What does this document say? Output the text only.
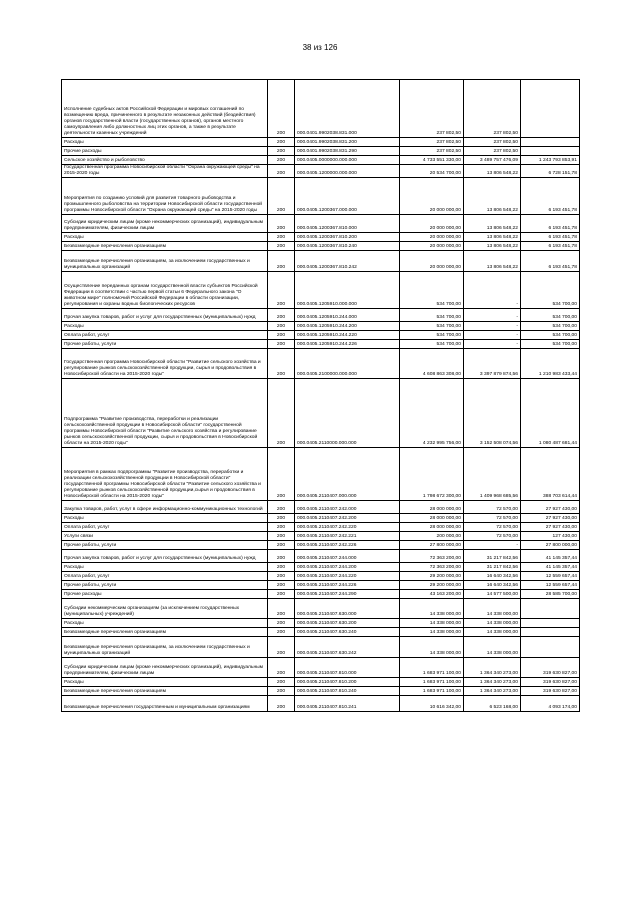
38 из 126
Исполнение судебных актов Российской Федерации и мировых соглашений по возмещению вреда, причиненного в результате незаконных действий (бездействия) органов государственной власти (государственных органов), органов местного самоуправления либо должностных лиц этих органов, а также в результате деятельности казенных учреждений	200	000.0401.9902038.831.000	237 802,50	237 802,50	
Расходы	200	000.0401.9902038.831.200	237 802,50	237 802,50	
Прочие расходы	200	000.0401.9902038.831.290	237 802,50	237 802,50	
Сельское хозяйство и рыболовство	200	000.0405.0000000.000.000	4 733 551 330,00	3 489 757 476,09	1 243 793 853,91
Государственная программа Новосибирской области "Охрана окружающей среды" на 2015-2020 годы	200	000.0405.1200000.000.000	20 534 700,00	13 806 548,22	6 728 151,78
Мероприятия по созданию условий для развития товарного рыбоводства и промышленного рыболовства на территории Новосибирской области государственной программы Новосибирской области "Охрана окружающей среды" на 2015-2020 годы	200	000.0405.1200367.000.000	20 000 000,00	13 806 548,22	6 193 451,78
Субсидии юридическим лицам (кроме некоммерческих организаций), индивидуальным предпринимателям, физическим лицам	200	000.0405.1200367.810.000	20 000 000,00	13 806 548,22	6 193 451,78
Расходы	200	000.0405.1200367.810.200	20 000 000,00	13 806 548,22	6 193 451,78
Безвозмездные перечисления организациям	200	000.0405.1200367.810.240	20 000 000,00	13 806 548,22	6 193 451,78
Безвозмездные перечисления организациям, за исключением государственных и муниципальных организаций	200	000.0405.1200367.810.242	20 000 000,00	13 806 548,22	6 193 451,78
Осуществление переданных органам государственной власти субъектов Российской Федерации в соответствии с частью первой статьи 6 Федерального закона "О животном мире" полномочий Российской Федерации в области организации, регулирования и охраны водных биологических ресурсов	200	000.0405.1205910.000.000	534 700,00	-	534 700,00
Прочая закупка товаров, работ и услуг для государственных (муниципальных) нужд	200	000.0405.1205910.244.000	534 700,00	-	534 700,00
Расходы	200	000.0405.1205910.244.200	534 700,00	-	534 700,00
Оплата работ, услуг	200	000.0405.1205910.244.220	534 700,00	-	534 700,00
Прочие работы, услуги	200	000.0405.1205910.244.226	534 700,00	-	534 700,00
Государственная программа Новосибирской области "Развитие сельского хозяйства и регулирование рынков сельскохозяйственной продукции, сырья и продовольствия в Новосибирской области на 2015-2020 годы"	200	000.0405.2100000.000.000	4 608 863 308,00	3 397 879 874,56	1 210 983 433,44
Подпрограмма "Развитие производства, переработки и реализации сельскохозяйственной продукции в Новосибирской области" государственной программы Новосибирской области "Развитие сельского хозяйства и регулирование рынков сельскохозяйственной продукции, сырья и продовольствия в Новосибирской области на 2015-2020 годы"	200	000.0405.2110000.000.000	4 232 995 756,00	3 152 508 074,56	1 080 487 681,44
Мероприятия в рамках подпрограммы "Развитие производства, переработки и реализации сельскохозяйственной продукции в Новосибирской области" государственной программы Новосибирской области "Развитие сельского хозяйства и регулирование рынков сельскохозяйственной продукции,сырья и продовольствия в Новосибирской области на 2015-2020 годы"	200	000.0405.2110407.000.000	1 798 672 300,00	1 409 968 685,56	388 703 614,44
Закупка товаров, работ, услуг в сфере информационно-коммуникационных технологий	200	000.0405.2110407.242.000	28 000 000,00	72 570,00	27 927 430,00
Расходы	200	000.0405.2110407.242.200	28 000 000,00	72 570,00	27 927 430,00
Оплата работ, услуг	200	000.0405.2110407.242.220	28 000 000,00	72 570,00	27 927 430,00
Услуги связи	200	000.0405.2110407.242.221	200 000,00	72 570,00	127 430,00
Прочие работы, услуги	200	000.0405.2110407.242.226	27 800 000,00	-	27 800 000,00
Прочая закупка товаров, работ и услуг для государственных (муниципальных) нужд	200	000.0405.2110407.244.000	72 363 200,00	31 217 842,56	41 145 357,44
Расходы	200	000.0405.2110407.244.200	72 363 200,00	31 217 842,56	41 145 357,44
Оплата работ, услуг	200	000.0405.2110407.244.220	29 200 000,00	16 640 342,56	12 559 657,44
Прочие работы, услуги	200	000.0405.2110407.244.226	29 200 000,00	16 640 342,56	12 559 657,44
Прочие расходы	200	000.0405.2110407.244.290	43 163 200,00	14 577 500,00	28 585 700,00
Субсидии некоммерческим организациям (за исключением государственных (муниципальных) учреждений)	200	000.0405.2110407.630.000	14 338 000,00	14 338 000,00	
Расходы	200	000.0405.2110407.630.200	14 338 000,00	14 338 000,00	
Безвозмездные перечисления организациям	200	000.0405.2110407.630.240	14 338 000,00	14 338 000,00	
Безвозмездные перечисления организациям, за исключением государственных и муниципальных организаций	200	000.0405.2110407.630.242	14 338 000,00	14 338 000,00	
Субсидии юридическим лицам (кроме некоммерческих организаций), индивидуальным предпринимателям, физическим лицам	200	000.0405.2110407.810.000	1 683 971 100,00	1 364 340 273,00	319 630 827,00
Расходы	200	000.0405.2110407.810.200	1 683 971 100,00	1 364 340 273,00	319 630 827,00
Безвозмездные перечисления организациям	200	000.0405.2110407.810.240	1 683 971 100,00	1 364 340 273,00	319 630 827,00
Безвозмездные перечисления государственным и муниципальным организациям	200	000.0405.2110407.810.241	10 616 342,00	6 523 168,00	4 093 174,00
